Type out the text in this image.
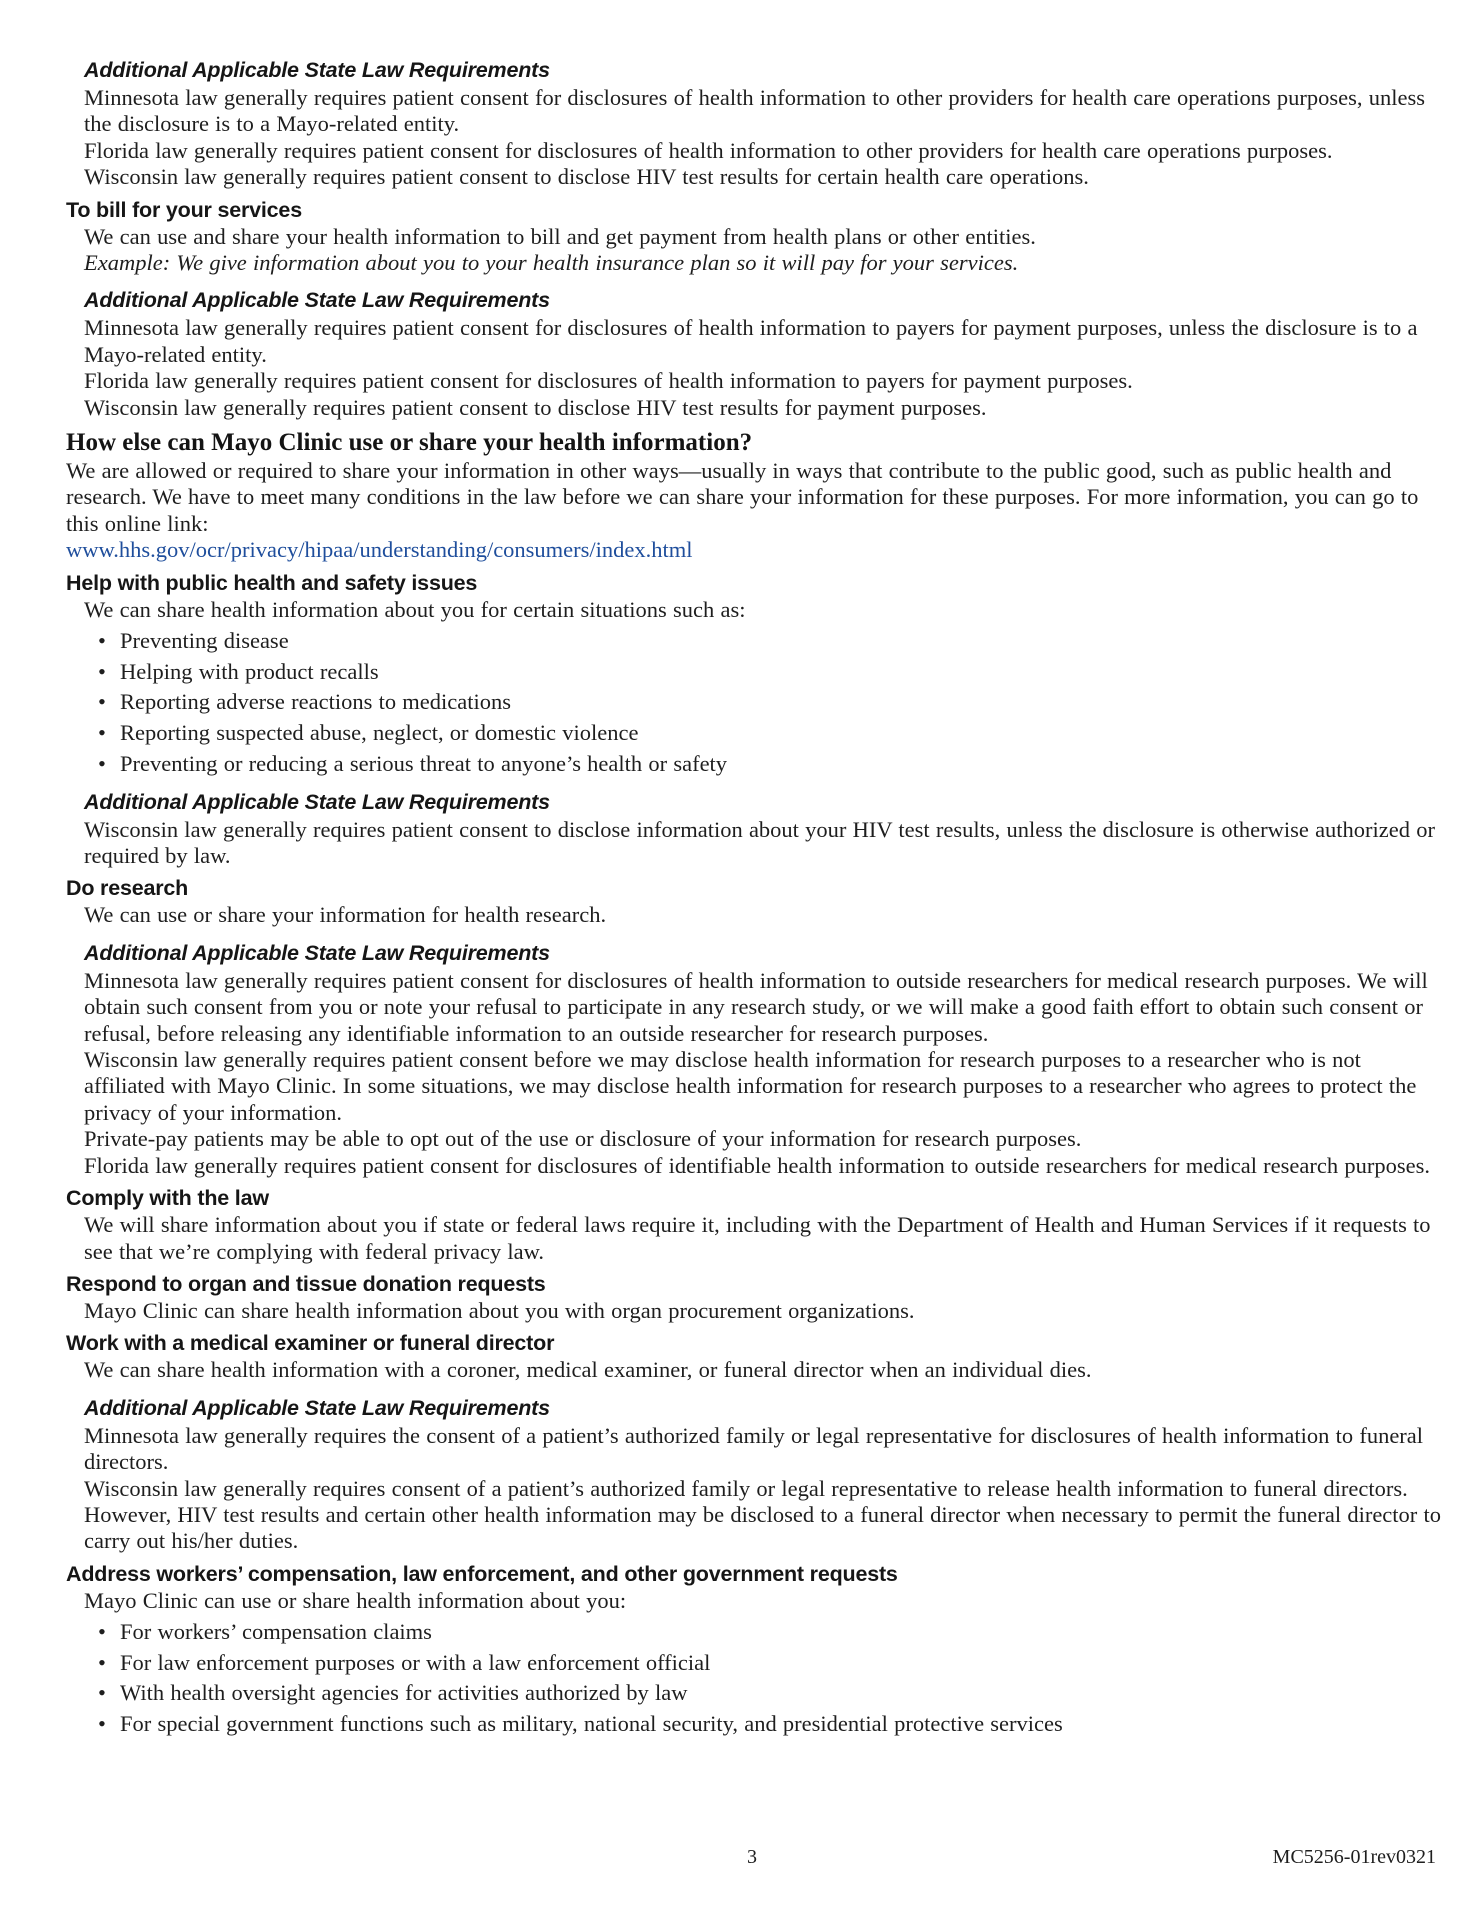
Additional Applicable State Law Requirements

Minnesota law generally requires patient consent for disclosures of health information to other providers for health care operations purposes, unless the disclosure is to a Mayo-related entity.

Florida law generally requires patient consent for disclosures of health information to other providers for health care operations purposes.

Wisconsin law generally requires patient consent to disclose HIV test results for certain health care operations.

To bill for your services

We can use and share your health information to bill and get payment from health plans or other entities.

Example: We give information about you to your health insurance plan so it will pay for your services.

Additional Applicable State Law Requirements

Minnesota law generally requires patient consent for disclosures of health information to payers for payment purposes, unless the disclosure is to a Mayo-related entity.

Florida law generally requires patient consent for disclosures of health information to payers for payment purposes.

Wisconsin law generally requires patient consent to disclose HIV test results for payment purposes.

How else can Mayo Clinic use or share your health information?

We are allowed or required to share your information in other ways—usually in ways that contribute to the public good, such as public health and research. We have to meet many conditions in the law before we can share your information for these purposes. For more information, you can go to this online link:

www.hhs.gov/ocr/privacy/hipaa/understanding/consumers/index.html
Help with public health and safety issues

We can share health information about you for certain situations such as:

• Preventing disease
• Helping with product recalls
• Reporting adverse reactions to medications
• Reporting suspected abuse, neglect, or domestic violence
• Preventing or reducing a serious threat to anyone’s health or safety
Additional Applicable State Law Requirements

Wisconsin law generally requires patient consent to disclose information about your HIV test results, unless the disclosure is otherwise authorized or required by law.

Do research

We can use or share your information for health research.

Additional Applicable State Law Requirements

Minnesota law generally requires patient consent for disclosures of health information to outside researchers for medical research purposes. We will obtain such consent from you or note your refusal to participate in any research study, or we will make a good faith effort to obtain such consent or refusal, before releasing any identifiable information to an outside researcher for research purposes.

Wisconsin law generally requires patient consent before we may disclose health information for research purposes to a researcher who is not affiliated with Mayo Clinic. In some situations, we may disclose health information for research purposes to a researcher who agrees to protect the privacy of your information.

Private-pay patients may be able to opt out of the use or disclosure of your information for research purposes.

Florida law generally requires patient consent for disclosures of identifiable health information to outside researchers for medical research purposes.

Comply with the law

We will share information about you if state or federal laws require it, including with the Department of Health and Human Services if it requests to see that we’re complying with federal privacy law.

Respond to organ and tissue donation requests

Mayo Clinic can share health information about you with organ procurement organizations.

Work with a medical examiner or funeral director

We can share health information with a coroner, medical examiner, or funeral director when an individual dies.

Additional Applicable State Law Requirements

Minnesota law generally requires the consent of a patient’s authorized family or legal representative for disclosures of health information to funeral directors.

Wisconsin law generally requires consent of a patient’s authorized family or legal representative to release health information to funeral directors. However, HIV test results and certain other health information may be disclosed to a funeral director when necessary to permit the funeral director to carry out his/her duties.

Address workers’ compensation, law enforcement, and other government requests

Mayo Clinic can use or share health information about you:

• For workers’ compensation claims
• For law enforcement purposes or with a law enforcement official
• With health oversight agencies for activities authorized by law
• For special government functions such as military, national security, and presidential protective services
3	MC5256-01rev0321
